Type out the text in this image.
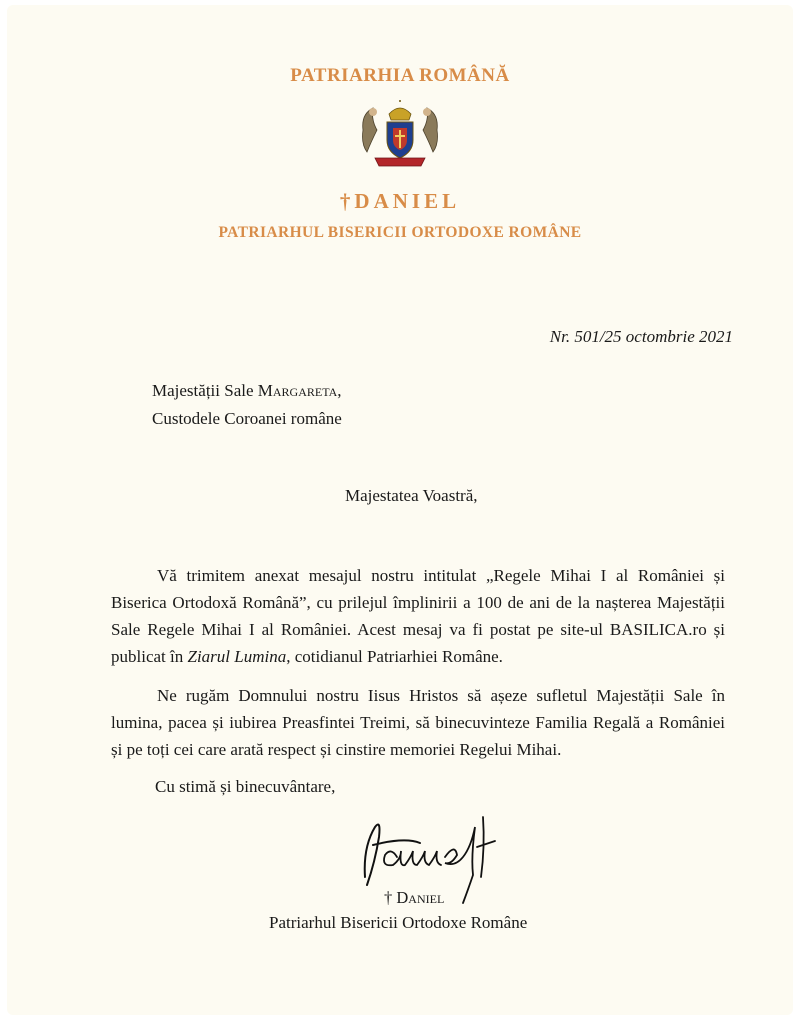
PATRIARHIA ROMÂNĂ
†DANIEL
PATRIARHUL BISERICII ORTODOXE ROMÂNE
Nr. 501/25 octombrie 2021
Majestății Sale Margareta,
Custodele Coroanei române
Majestatea Voastră,

Vă trimitem anexat mesajul nostru intitulat „Regele Mihai I al României și Biserica Ortodoxă Română”, cu prilejul împlinirii a 100 de ani de la nașterea Majestății Sale Regele Mihai I al României. Acest mesaj va fi postat pe site-ul BASILICA.ro și publicat în Ziarul Lumina, cotidianul Patriarhiei Române.

Ne rugăm Domnului nostru Iisus Hristos să așeze sufletul Majestății Sale în lumina, pacea și iubirea Preasfintei Treimi, să binecuvinteze Familia Regală a României și pe toți cei care arată respect și cinstire memoriei Regelui Mihai.

Cu stimă și binecuvântare,
† Daniel
Patriarhul Bisericii Ortodoxe Române
